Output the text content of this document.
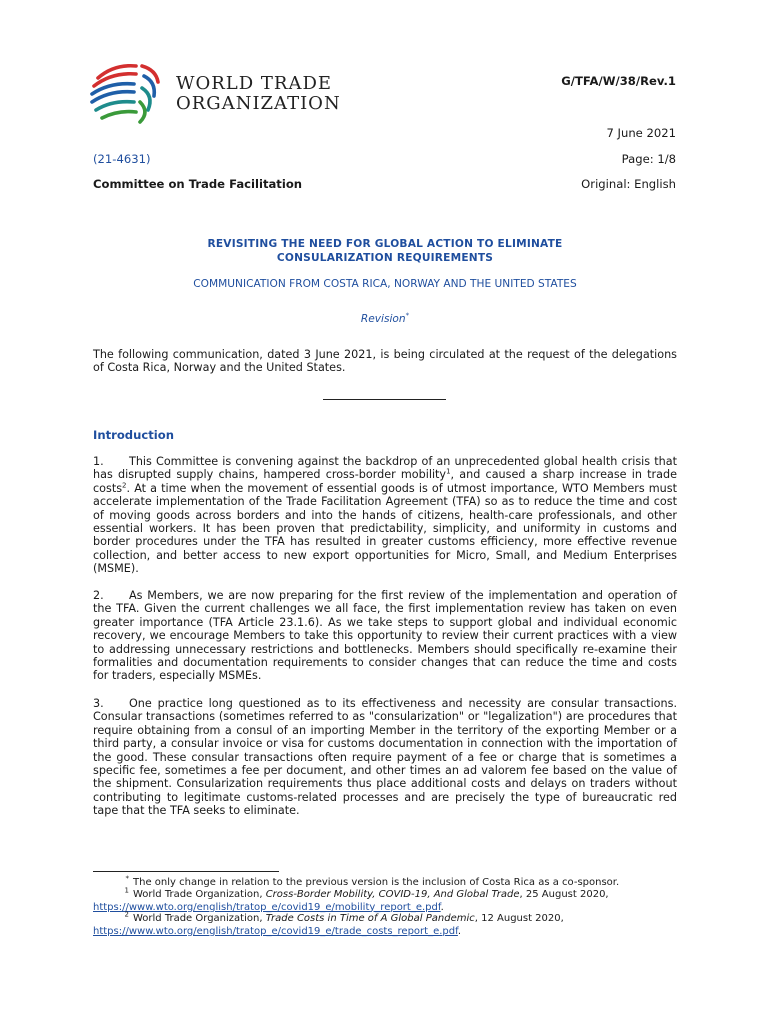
WORLD TRADE
ORGANIZATION
G/TFA/W/38/Rev.1
7 June 2021
(21-4631)	Page: 1/8
Committee on Trade Facilitation	Original: English
REVISITING THE NEED FOR GLOBAL ACTION TO ELIMINATE
CONSULARIZATION REQUIREMENTS
COMMUNICATION FROM COSTA RICA, NORWAY AND THE UNITED STATES
Revision*
The following communication, dated 3 June 2021, is being circulated at the request of the delegations of Costa Rica, Norway and the United States.
Introduction
1. This Committee is convening against the backdrop of an unprecedented global health crisis that has disrupted supply chains, hampered cross-border mobility$^1$, and caused a sharp increase in trade costs$^2$. At a time when the movement of essential goods is of utmost importance, WTO Members must accelerate implementation of the Trade Facilitation Agreement (TFA) so as to reduce the time and cost of moving goods across borders and into the hands of citizens, health-care professionals, and other essential workers. It has been proven that predictability, simplicity, and uniformity in customs and border procedures under the TFA has resulted in greater customs efficiency, more effective revenue collection, and better access to new export opportunities for Micro, Small, and Medium Enterprises (MSME).
2. As Members, we are now preparing for the first review of the implementation and operation of the TFA. Given the current challenges we all face, the first implementation review has taken on even greater importance (TFA Article 23.1.6). As we take steps to support global and individual economic recovery, we encourage Members to take this opportunity to review their current practices with a view to addressing unnecessary restrictions and bottlenecks. Members should specifically re-examine their formalities and documentation requirements to consider changes that can reduce the time and costs for traders, especially MSMEs.
3. One practice long questioned as to its effectiveness and necessity are consular transactions. Consular transactions (sometimes referred to as "consularization" or "legalization") are procedures that require obtaining from a consul of an importing Member in the territory of the exporting Member or a third party, a consular invoice or visa for customs documentation in connection with the importation of the good. These consular transactions often require payment of a fee or charge that is sometimes a specific fee, sometimes a fee per document, and other times an ad valorem fee based on the value of the shipment. Consularization requirements thus place additional costs and delays on traders without contributing to legitimate customs-related processes and are precisely the type of bureaucratic red tape that the TFA seeks to eliminate.
* The only change in relation to the previous version is the inclusion of Costa Rica as a co-sponsor.
$^1$ World Trade Organization, Cross-Border Mobility, COVID-19, And Global Trade, 25 August 2020,
https://www.wto.org/english/tratop_e/covid19_e/mobility_report_e.pdf.
$^2$ World Trade Organization, Trade Costs in Time of A Global Pandemic, 12 August 2020,
https://www.wto.org/english/tratop_e/covid19_e/trade_costs_report_e.pdf.
